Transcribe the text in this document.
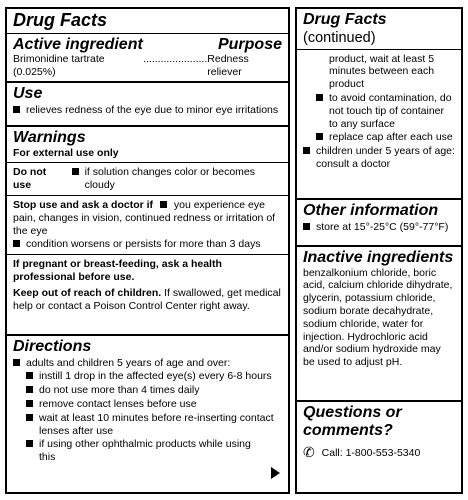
Drug Facts
Active ingredient	Purpose
Brimonidine tartrate (0.025%)
...................... Redness reliever
Use
relieves redness of the eye due to minor eye irritations
Warnings
For external use only
Do not use
if solution changes color or becomes cloudy
Stop use and ask a doctor if you experience eye pain, changes in vision, continued redness or irritation of the eye
condition worsens or persists for more than 3 days
If pregnant or breast-feeding, ask a health professional before use.
Keep out of reach of children. If swallowed, get medical help or contact a Poison Control Center right away.
Directions
adults and children 5 years of age and over:
instill 1 drop in the affected eye(s) every 6-8 hours
do not use more than 4 times daily
remove contact lenses before use
wait at least 10 minutes before re-inserting contact lenses after use
if using other ophthalmic products while using this
Drug Facts (continued)
product, wait at least 5 minutes between each product
to avoid contamination, do not touch tip of container to any surface
replace cap after each use
children under 5 years of age: consult a doctor
Other information
store at 15°-25°C (59°-77°F)
Inactive ingredients
benzalkonium chloride, boric acid, calcium chloride dihydrate, glycerin, potassium chloride, sodium borate decahydrate, sodium chloride, water for injection. Hydrochloric acid and/or sodium hydroxide may be used to adjust pH.
Questions or comments?
✆ Call: 1-800-553-5340
